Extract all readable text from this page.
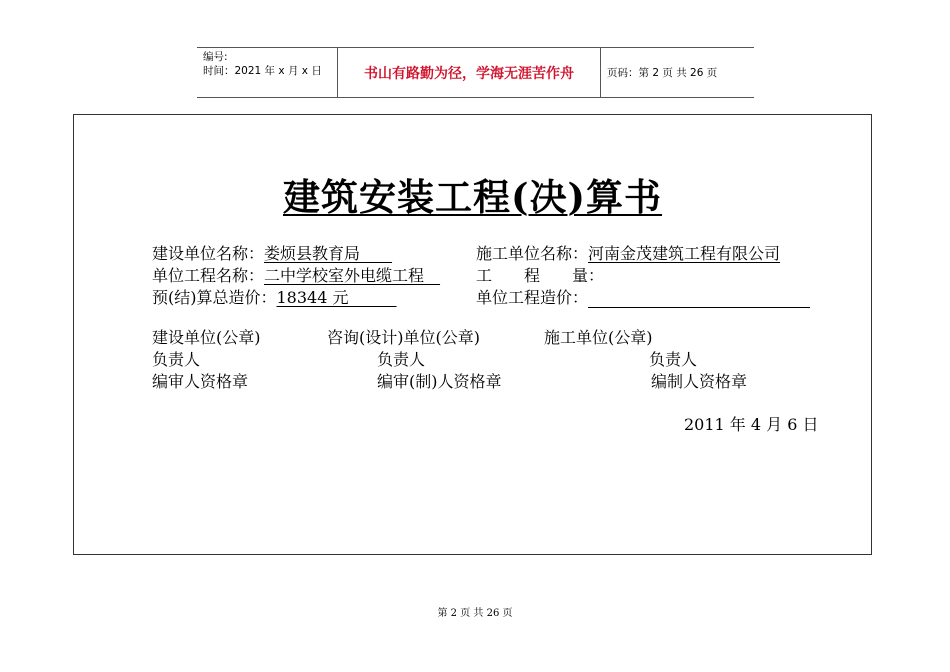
编号:
时间：2021 年 x 月 x 日	书山有路勤为径，学海无涯苦作舟	页码：第 2 页 共 26 页
建筑安装工程(决)算书
建设单位名称：娄烦县教育局　　	施工单位名称：河南金茂建筑工程有限公司
单位工程名称：二中学校室外电缆工程　	工　　程　　量：
预(结)算总造价：18344 元　　　	单位工程造价：
建设单位(公章)	咨询(设计)单位(公章)	施工单位(公章)
负责人	负责人	负责人
编审人资格章	编审(制)人资格章	编制人资格章
2011 年 4 月 6 日
第 2 页 共 26 页
